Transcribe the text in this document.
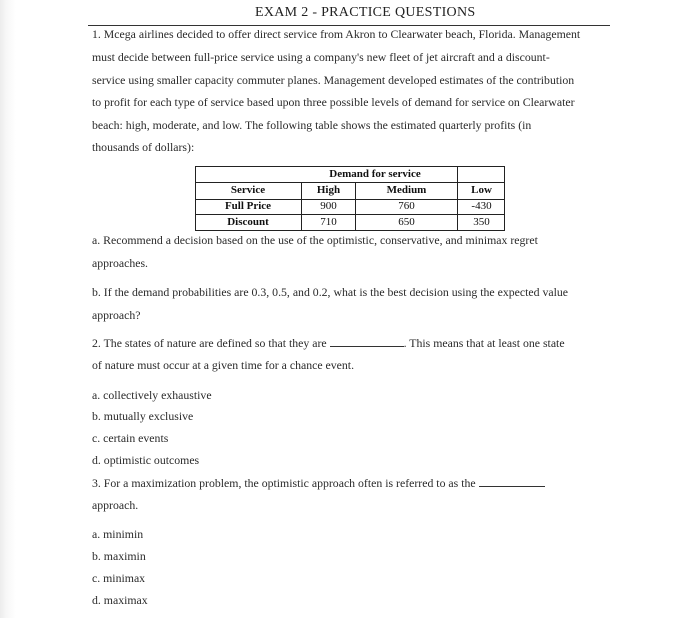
EXAM 2 - PRACTICE QUESTIONS

1. Mcega airlines decided to offer direct service from Akron to Clearwater beach, Florida. Management

must decide between full-price service using a company's new fleet of jet aircraft and a discount-

service using smaller capacity commuter planes. Management developed estimates of the contribution

to profit for each type of service based upon three possible levels of demand for service on Clearwater

beach: high, moderate, and low. The following table shows the estimated quarterly profits (in

thousands of dollars):

Demand for service
Service	High	Medium	Low
Full Price	900	760	-430
Discount	710	650	350

a. Recommend a decision based on the use of the optimistic, conservative, and minimax regret

approaches.

b. If the demand probabilities are 0.3, 0.5, and 0.2, what is the best decision using the expected value

approach?

2. The states of nature are defined so that they are	. This means that at least one state

of nature must occur at a given time for a chance event.

a. collectively exhaustive

b. mutually exclusive

c. certain events

d. optimistic outcomes

3. For a maximization problem, the optimistic approach often is referred to as the

approach.

a. minimin

b. maximin

c. minimax

d. maximax
